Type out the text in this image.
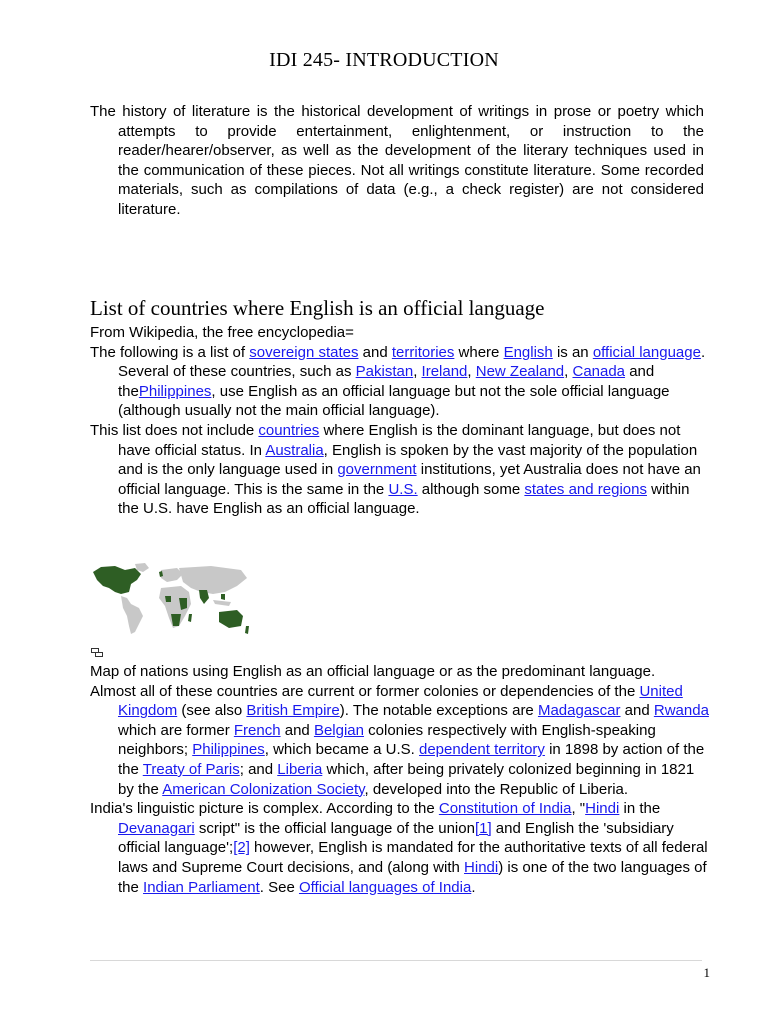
IDI 245- INTRODUCTION

The history of literature is the historical development of writings in prose or poetry which attempts to provide entertainment, enlightenment, or instruction to the reader/hearer/observer, as well as the development of the literary techniques used in the communication of these pieces. Not all writings constitute literature. Some recorded materials, such as compilations of data (e.g., a check register) are not considered literature.

List of countries where English is an official language

From Wikipedia, the free encyclopedia=

The following is a list of sovereign states and territories where English is an official language. Several of these countries, such as Pakistan, Ireland, New Zealand, Canada and thePhilippines, use English as an official language but not the sole official language (although usually not the main official language).

This list does not include countries where English is the dominant language, but does not have official status. In Australia, English is spoken by the vast majority of the population and is the only language used in government institutions, yet Australia does not have an official language. This is the same in the U.S. although some states and regions within the U.S. have English as an official language.

Map of nations using English as an official language or as the predominant language.

Almost all of these countries are current or former colonies or dependencies of the United Kingdom (see also British Empire). The notable exceptions are Madagascar and Rwanda which are former French and Belgian colonies respectively with English-speaking neighbors; Philippines, which became a U.S. dependent territory in 1898 by action of the the Treaty of Paris; and Liberia which, after being privately colonized beginning in 1821 by the American Colonization Society, developed into the Republic of Liberia.

India's linguistic picture is complex. According to the Constitution of India, "Hindi in the Devanagari script" is the official language of the union[1] and English the 'subsidiary official language';[2] however, English is mandated for the authoritative texts of all federal laws and Supreme Court decisions, and (along with Hindi) is one of the two languages of the Indian Parliament. See Official languages of India.

1
